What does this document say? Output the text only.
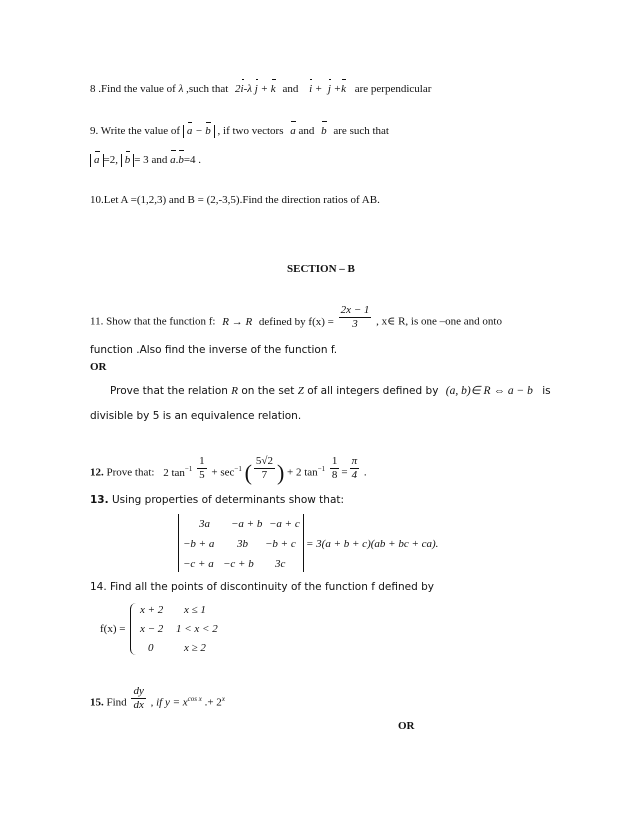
8 .Find the value of λ ,such that 2i-λ j + k and i + j +k are perpendicular
9. Write the value of a − b , if two vectors a and b are such that
a =2, b = 3 and a.b=4 .
10.Let A =(1,2,3) and B = (2,-3,5).Find the direction ratios of AB.
SECTION – B
11. Show that the function f: R → R defined by $f(x) = \frac{2x - 1}{3}$ , x∈ R, is one –one and onto
function .Also find the inverse of the function f.
OR
Prove that the relation R on the set Z of all integers defined by (a, b)∈ R ⇔ a − b is
divisible by 5 is an equivalence relation.
12. Prove that: 2 $\tan^{-1} \frac{1}{5} + \sec^{-1}$ ( $\frac{5√2}{7}$ ) + 2 $\tan^{-1} \frac{1}{8} = \frac{\pi}{4}$ .
13. Using properties of determinants show that:
3a −a + b −a + c
−b + a 3b −b + c
−c + a −c + b 3c
= 3(a + b + c)(ab + bc + ca).
14. Find all the points of discontinuity of the function f defined by
f(x) =
x + 2 x ≤ 1
x − 2 1 < x < 2
0	x ≥ 2
15. Find $\frac{dy}{dx}$ , if $y = x^{cos x}$ .+ $2^x$
OR
